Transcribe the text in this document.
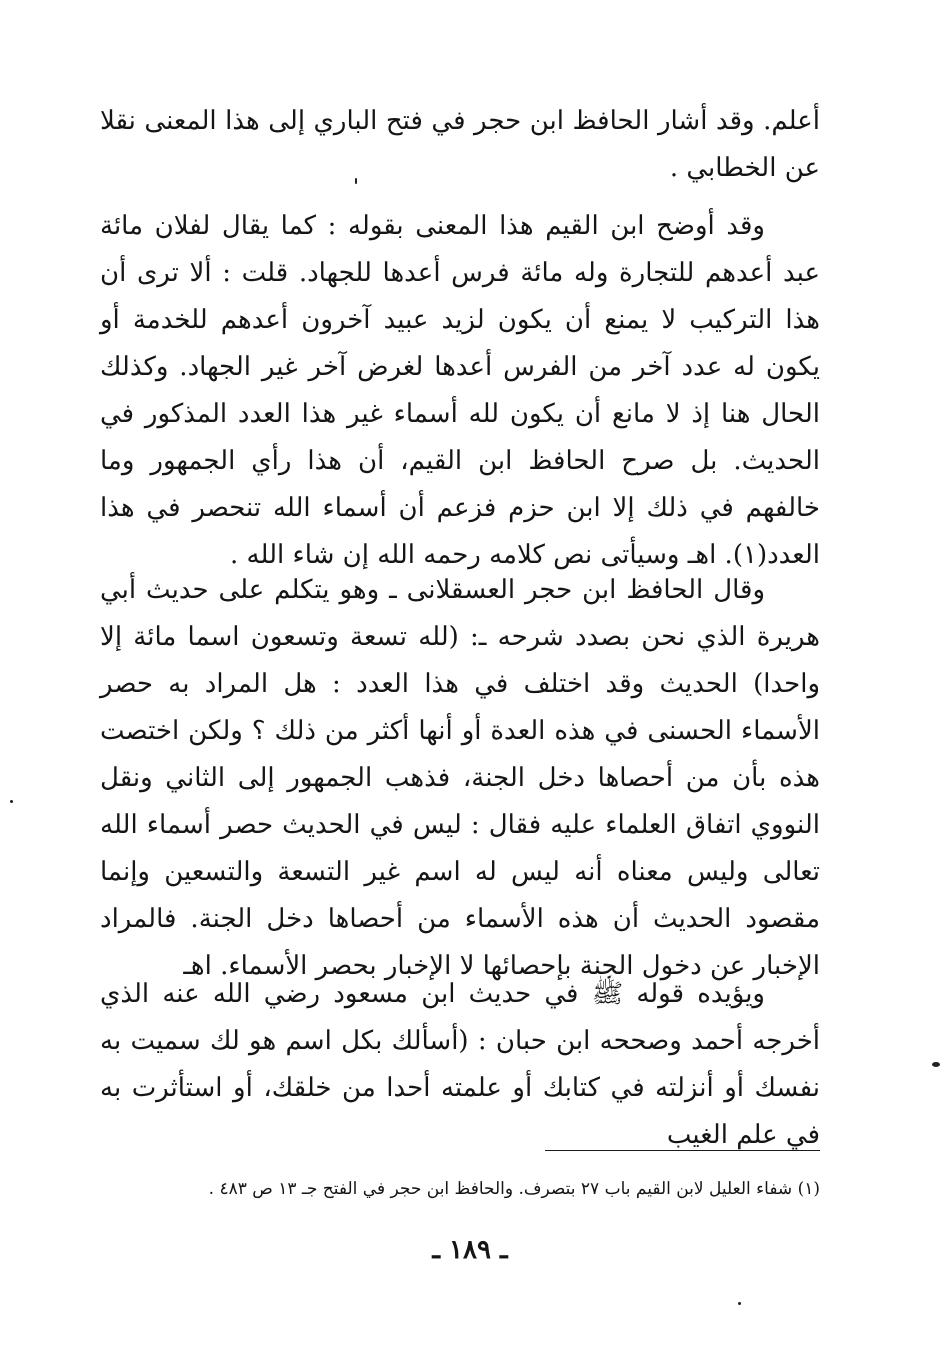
أعلم. وقد أشار الحافظ ابن حجر في فتح الباري إلى هذا المعنى نقلا عن الخطابي .

وقد أوضح ابن القيم هذا المعنى بقوله : كما يقال لفلان مائة عبد أعدهم للتجارة وله مائة فرس أعدها للجهاد. قلت : ألا ترى أن هذا التركيب لا يمنع أن يكون لزيد عبيد آخرون أعدهم للخدمة أو يكون له عدد آخر من الفرس أعدها لغرض آخر غير الجهاد. وكذلك الحال هنا إذ لا مانع أن يكون لله أسماء غير هذا العدد المذكور في الحديث. بل صرح الحافظ ابن القيم، أن هذا رأي الجمهور وما خالفهم في ذلك إلا ابن حزم فزعم أن أسماء الله تنحصر في هذا العدد(١). اهـ وسيأتى نص كلامه رحمه الله إن شاء الله .

وقال الحافظ ابن حجر العسقلانى ـ وهو يتكلم على حديث أبي هريرة الذي نحن بصدد شرحه ـ: (لله تسعة وتسعون اسما مائة إلا واحدا) الحديث وقد اختلف في هذا العدد : هل المراد به حصر الأسماء الحسنى في هذه العدة أو أنها أكثر من ذلك ؟ ولكن اختصت هذه بأن من أحصاها دخل الجنة، فذهب الجمهور إلى الثاني ونقل النووي اتفاق العلماء عليه فقال : ليس في الحديث حصر أسماء الله تعالى وليس معناه أنه ليس له اسم غير التسعة والتسعين وإنما مقصود الحديث أن هذه الأسماء من أحصاها دخل الجنة. فالمراد الإخبار عن دخول الجنة بإحصائها لا الإخبار بحصر الأسماء. اهـ

ويؤيده قوله ﷺ في حديث ابن مسعود رضي الله عنه الذي أخرجه أحمد وصححه ابن حبان : (أسألك بكل اسم هو لك سميت به نفسك أو أنزلته في كتابك أو علمته أحدا من خلقك، أو استأثرت به في علم الغيب

(١) شفاء العليل لابن القيم باب ٢٧ بتصرف. والحافظ ابن حجر في الفتح جـ ١٣ ص ٤٨٣ .
ـ ١٨٩ ـ
